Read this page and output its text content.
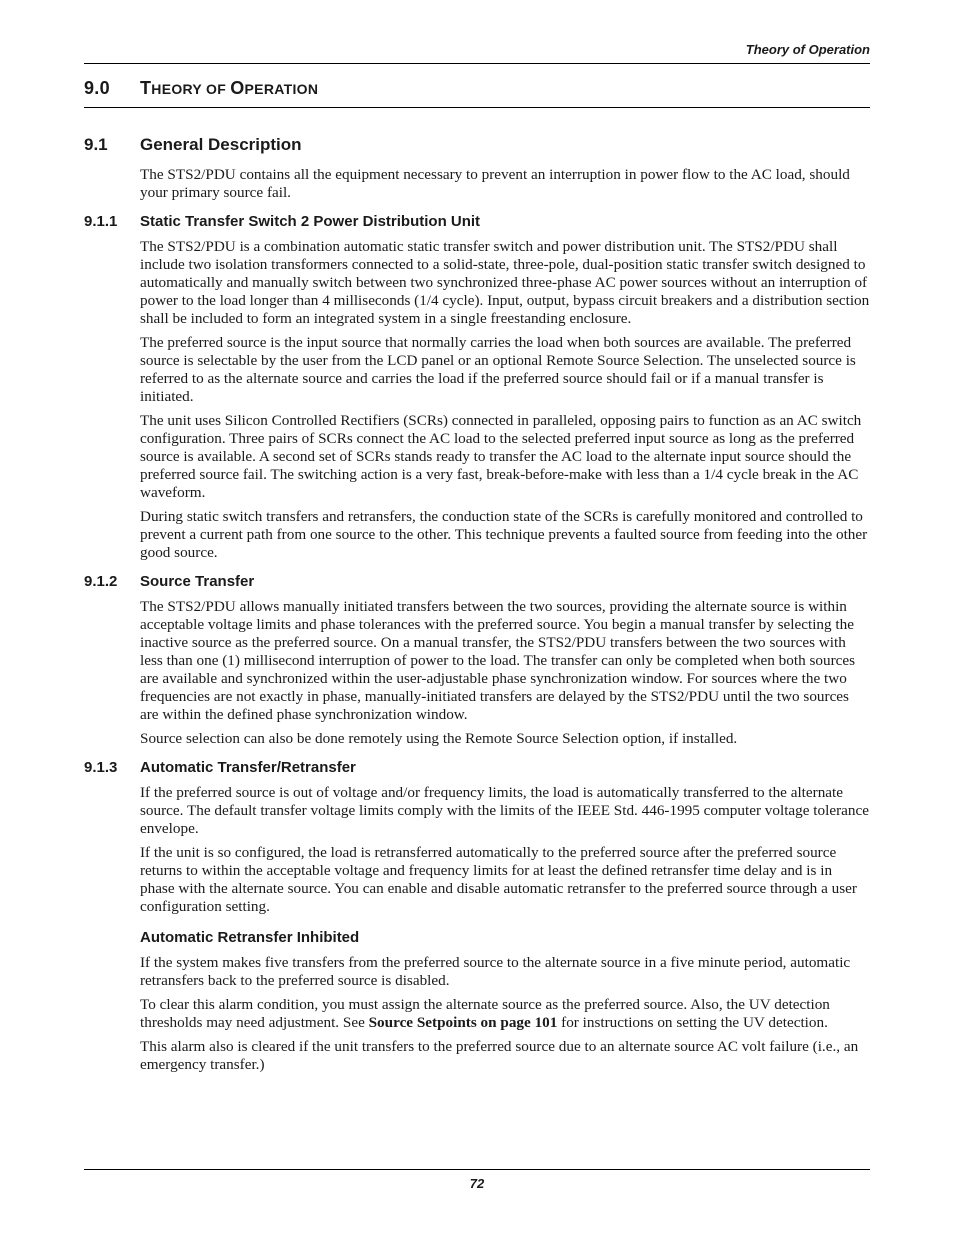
Theory of Operation
9.0 THEORY OF OPERATION
9.1 General Description

The STS2/PDU contains all the equipment necessary to prevent an interruption in power flow to the AC load, should your primary source fail.

9.1.1 Static Transfer Switch 2 Power Distribution Unit

The STS2/PDU is a combination automatic static transfer switch and power distribution unit. The STS2/PDU shall include two isolation transformers connected to a solid-state, three-pole, dual-position static transfer switch designed to automatically and manually switch between two synchronized three-phase AC power sources without an interruption of power to the load longer than 4 milliseconds (1/4 cycle). Input, output, bypass circuit breakers and a distribution section shall be included to form an integrated system in a single freestanding enclosure.

The preferred source is the input source that normally carries the load when both sources are available. The preferred source is selectable by the user from the LCD panel or an optional Remote Source Selection. The unselected source is referred to as the alternate source and carries the load if the preferred source should fail or if a manual transfer is initiated.

The unit uses Silicon Controlled Rectifiers (SCRs) connected in paralleled, opposing pairs to function as an AC switch configuration. Three pairs of SCRs connect the AC load to the selected preferred input source as long as the preferred source is available. A second set of SCRs stands ready to transfer the AC load to the alternate input source should the preferred source fail. The switching action is a very fast, break-before-make with less than a 1/4 cycle break in the AC waveform.

During static switch transfers and retransfers, the conduction state of the SCRs is carefully monitored and controlled to prevent a current path from one source to the other. This technique prevents a faulted source from feeding into the other good source.

9.1.2 Source Transfer

The STS2/PDU allows manually initiated transfers between the two sources, providing the alternate source is within acceptable voltage limits and phase tolerances with the preferred source. You begin a manual transfer by selecting the inactive source as the preferred source. On a manual transfer, the STS2/PDU transfers between the two sources with less than one (1) millisecond interruption of power to the load. The transfer can only be completed when both sources are available and synchronized within the user-adjustable phase synchronization window. For sources where the two frequencies are not exactly in phase, manually-initiated transfers are delayed by the STS2/PDU until the two sources are within the defined phase synchronization window.

Source selection can also be done remotely using the Remote Source Selection option, if installed.

9.1.3 Automatic Transfer/Retransfer

If the preferred source is out of voltage and/or frequency limits, the load is automatically transferred to the alternate source. The default transfer voltage limits comply with the limits of the IEEE Std. 446-1995 computer voltage tolerance envelope.

If the unit is so configured, the load is retransferred automatically to the preferred source after the preferred source returns to within the acceptable voltage and frequency limits for at least the defined retransfer time delay and is in phase with the alternate source. You can enable and disable automatic retransfer to the preferred source through a user configuration setting.

Automatic Retransfer Inhibited

If the system makes five transfers from the preferred source to the alternate source in a five minute period, automatic retransfers back to the preferred source is disabled.

To clear this alarm condition, you must assign the alternate source as the preferred source. Also, the UV detection thresholds may need adjustment. See Source Setpoints on page 101 for instructions on setting the UV detection.

This alarm also is cleared if the unit transfers to the preferred source due to an alternate source AC volt failure (i.e., an emergency transfer.)

72
